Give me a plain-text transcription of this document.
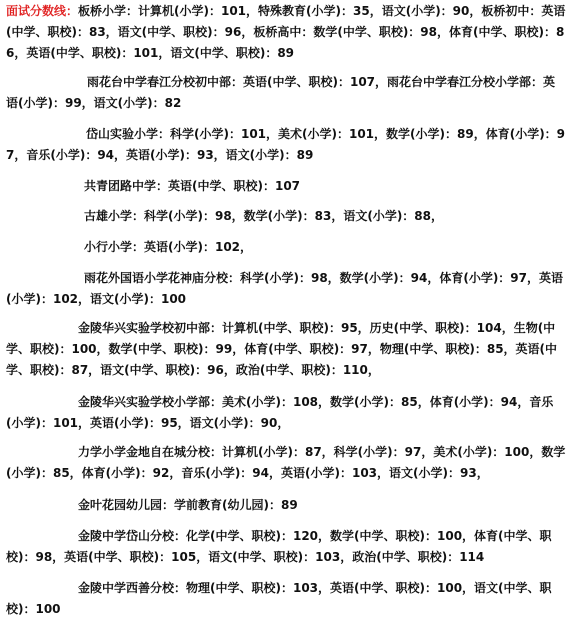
面试分数线：板桥小学：计算机(小学)：101，特殊教育(小学)：35，语文(小学)：90，板桥初中：英语(中学、职校)：83，语文(中学、职校)：96，板桥高中：数学(中学、职校)：98，体育(中学、职校)：86，英语(中学、职校)：101，语文(中学、职校)：89
雨花台中学春江分校初中部：英语(中学、职校)：107，雨花台中学春江分校小学部：英语(小学)：99，语文(小学)：82
岱山实验小学：科学(小学)：101，美术(小学)：101，数学(小学)：89，体育(小学)：97，音乐(小学)：94，英语(小学)：93，语文(小学)：89
共青团路中学：英语(中学、职校)：107
古雄小学：科学(小学)：98，数学(小学)：83，语文(小学)：88，
小行小学：英语(小学)：102，
雨花外国语小学花神庙分校：科学(小学)：98，数学(小学)：94，体育(小学)：97，英语(小学)：102，语文(小学)：100
金陵华兴实验学校初中部：计算机(中学、职校)：95，历史(中学、职校)：104，生物(中学、职校)：100，数学(中学、职校)：99，体育(中学、职校)：97，物理(中学、职校)：85，英语(中学、职校)：87，语文(中学、职校)：96，政治(中学、职校)：110，
金陵华兴实验学校小学部：美术(小学)：108，数学(小学)：85，体育(小学)：94，音乐(小学)：101，英语(小学)：95，语文(小学)：90，
力学小学金地自在城分校：计算机(小学)：87，科学(小学)：97，美术(小学)：100，数学(小学)：85，体育(小学)：92，音乐(小学)：94，英语(小学)：103，语文(小学)：93，
金叶花园幼儿园：学前教育(幼儿园)：89
金陵中学岱山分校：化学(中学、职校)：120，数学(中学、职校)：100，体育(中学、职校)：98，英语(中学、职校)：105，语文(中学、职校)：103，政治(中学、职校)：114
金陵中学西善分校：物理(中学、职校)：103，英语(中学、职校)：100，语文(中学、职校)：100
